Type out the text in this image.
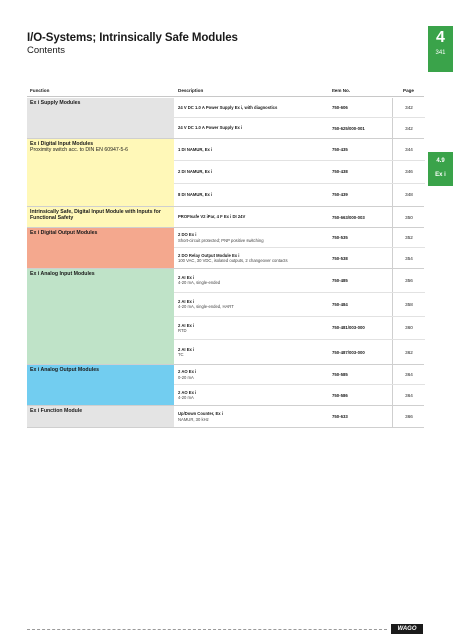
I/O-Systems; Intrinsically Safe Modules
Contents
4
341
4.9
Ex i
Function	Description	Item No.	Page
Ex i Supply Modules
24 V DC 1.0 A Power Supply Ex i, with diagnostics	750-606	342
24 V DC 1.0 A Power Supply Ex i	750-625/000-001	342
Ex i Digital Input Modules
Proximity switch acc. to DIN EN 60947-5-6	1 DI NAMUR, Ex i	750-435	344
2 DI NAMUR, Ex i	750-438	346
8 DI NAMUR, Ex i	750-439	348
Intrinsically Safe, Digital Input Module with Inputs for Functional Safety	PROFIsafe V2 iPar, 4 F Ex i DI 24V	750-663/000-003	350
Ex i Digital Output Modules	2 DO Ex i
Short-circuit protected; PNP positive switching	750-535	352
2 DO Relay Output Module Ex i
100 VAC, 30 VDC, isolated outputs, 2 changeover contacts	750-538	354
Ex i Analog Input Modules
2 AI Ex i
4-20 mA, single-ended	750-485	356
2 AI Ex i
4-20 mA, single-ended, HART	750-484	358
2 AI Ex i
RTD	750-481/003-000	360
2 AI Ex i
TC	750-487/003-000	362
Ex i Analog Output Modules	2 AO Ex i
0-20 mA	750-585	364
2 AO Ex i
4-20 mA	750-586	364
Ex i Function Module	Up/Down Counter, Ex i
NAMUR, 30 kHz	750-633	366
WAGO
